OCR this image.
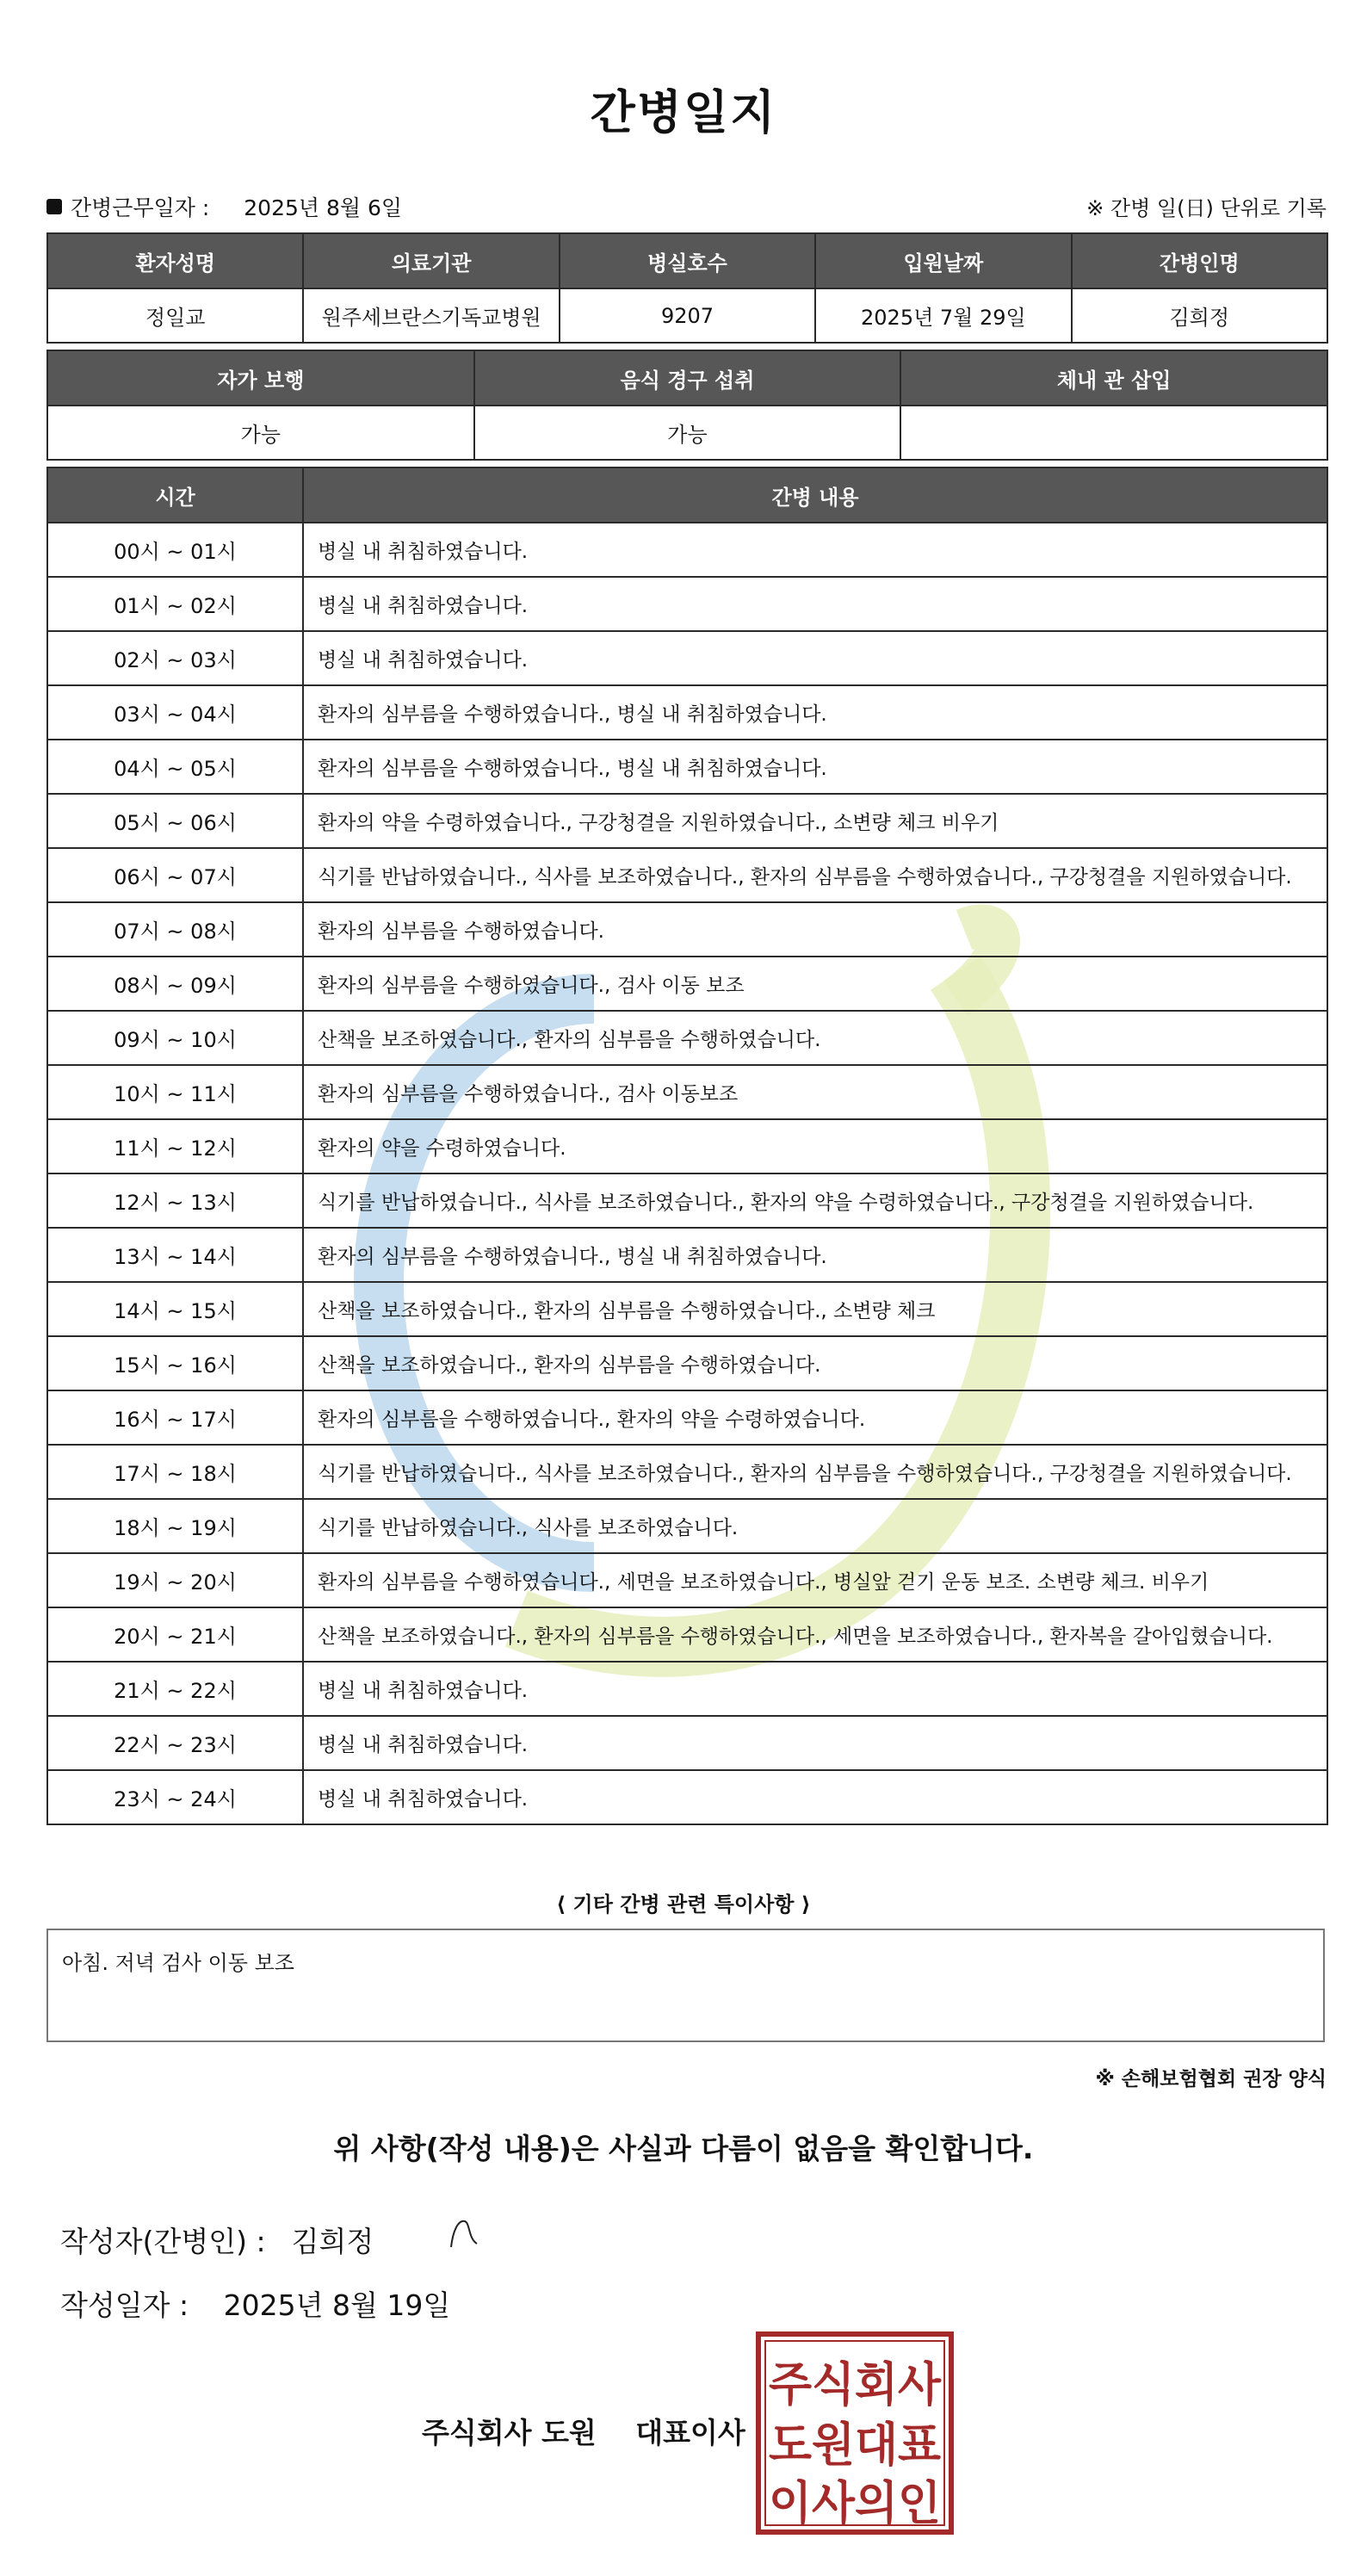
간병일지
간병근무일자 : 2025년 8월 6일	※ 간병 일(日) 단위로 기록
환자성명	의료기관	병실호수	입원날짜	간병인명
정일교	원주세브란스기독교병원	9207	2025년 7월 29일	김희정
자가 보행	음식 경구 섭취	체내 관 삽입
가능	가능	
시간	간병 내용
00시 ~ 01시	병실 내 취침하였습니다.
01시 ~ 02시	병실 내 취침하였습니다.
02시 ~ 03시	병실 내 취침하였습니다.
03시 ~ 04시	환자의 심부름을 수행하였습니다., 병실 내 취침하였습니다.
04시 ~ 05시	환자의 심부름을 수행하였습니다., 병실 내 취침하였습니다.
05시 ~ 06시	환자의 약을 수령하였습니다., 구강청결을 지원하였습니다., 소변량 체크 비우기
06시 ~ 07시	식기를 반납하였습니다., 식사를 보조하였습니다., 환자의 심부름을 수행하였습니다., 구강청결을 지원하였습니다.
07시 ~ 08시	환자의 심부름을 수행하였습니다.
08시 ~ 09시	환자의 심부름을 수행하였습니다., 검사 이동 보조
09시 ~ 10시	산책을 보조하였습니다., 환자의 심부름을 수행하였습니다.
10시 ~ 11시	환자의 심부름을 수행하였습니다., 검사 이동보조
11시 ~ 12시	환자의 약을 수령하였습니다.
12시 ~ 13시	식기를 반납하였습니다., 식사를 보조하였습니다., 환자의 약을 수령하였습니다., 구강청결을 지원하였습니다.
13시 ~ 14시	환자의 심부름을 수행하였습니다., 병실 내 취침하였습니다.
14시 ~ 15시	산책을 보조하였습니다., 환자의 심부름을 수행하였습니다., 소변량 체크
15시 ~ 16시	산책을 보조하였습니다., 환자의 심부름을 수행하였습니다.
16시 ~ 17시	환자의 심부름을 수행하였습니다., 환자의 약을 수령하였습니다.
17시 ~ 18시	식기를 반납하였습니다., 식사를 보조하였습니다., 환자의 심부름을 수행하였습니다., 구강청결을 지원하였습니다.
18시 ~ 19시	식기를 반납하였습니다., 식사를 보조하였습니다.
19시 ~ 20시	환자의 심부름을 수행하였습니다., 세면을 보조하였습니다., 병실앞 걷기 운동 보조. 소변량 체크. 비우기
20시 ~ 21시	산책을 보조하였습니다., 환자의 심부름을 수행하였습니다., 세면을 보조하였습니다., 환자복을 갈아입혔습니다.
21시 ~ 22시	병실 내 취침하였습니다.
22시 ~ 23시	병실 내 취침하였습니다.
23시 ~ 24시	병실 내 취침하였습니다.
⟨ 기타 간병 관련 특이사항 ⟩
아침. 저녁 검사 이동 보조
※ 손해보험협회 권장 양식
위 사항(작성 내용)은 사실과 다름이 없음을 확인합니다.
작성자(간병인) : 김희정
작성일자 : 2025년 8월 19일
주식회사 도원 대표이사
주식회사
도원대표
이사의인
